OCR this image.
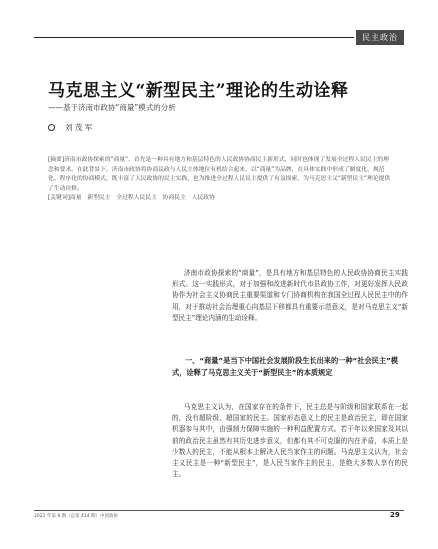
民主政治
马克思主义“新型民主”理论的生动诠释
——基于济南市政协“商量”模式的分析
刘 茂 军

[摘要]济南市政协探索的“商量”，首先是一种具有地方和基层特色的人民政协协商民主新形式，同时也体现了发展全过程人民民主的理念和要求。在此背景下，济南市政协将协商议政与人民主体地位有机结合起来，以“商量”为品牌，在具体实践中形成了制度化、规范化、程序化的协商模式，既丰富了人民政协的民主实践，也为推进全过程人民民主提供了有益探索，为马克思主义“新型民主”理论提供了生动诠释。

[关键词]商量　新型民主　全过程人民民主　协商民主　人民政协

济南市政协探索的“商量”，是具有地方和基层特色的人民政协协商民主实践形式。这一实践形式，对于加强和改进新时代市县政协工作，对更好发挥人民政协作为社会主义协商民主重要渠道和专门协商机构在我国全过程人民民主中的作用，对于推动社会治理重心向基层下移都具有重要示范意义，是对马克思主义“新型民主”理论内涵的生动诠释。

一、“商量”是当下中国社会发展阶段生长出来的一种“社会民主”模式，诠释了马克思主义关于“新型民主”的本质规定

马克思主义认为，在国家存在的条件下，民主总是与阶级和国家联系在一起的，没有超阶级、超国家的民主。国家形态意义上的民主是政治民主，即在国家机器参与其中，由强制力保障实施的一种利益配置方式。若干年以来国家及其以前的政治民主虽然有其历史进步意义，但都有其不可克服的内在矛盾，本质上是少数人的民主，不能从根本上解决人民当家作主的问题。马克思主义认为，社会主义民主是一种“新型民主”，是人民当家作主的民主，是绝大多数人享有的民主。

2021 年第 9 期（总第 414 期）中国政协	29
